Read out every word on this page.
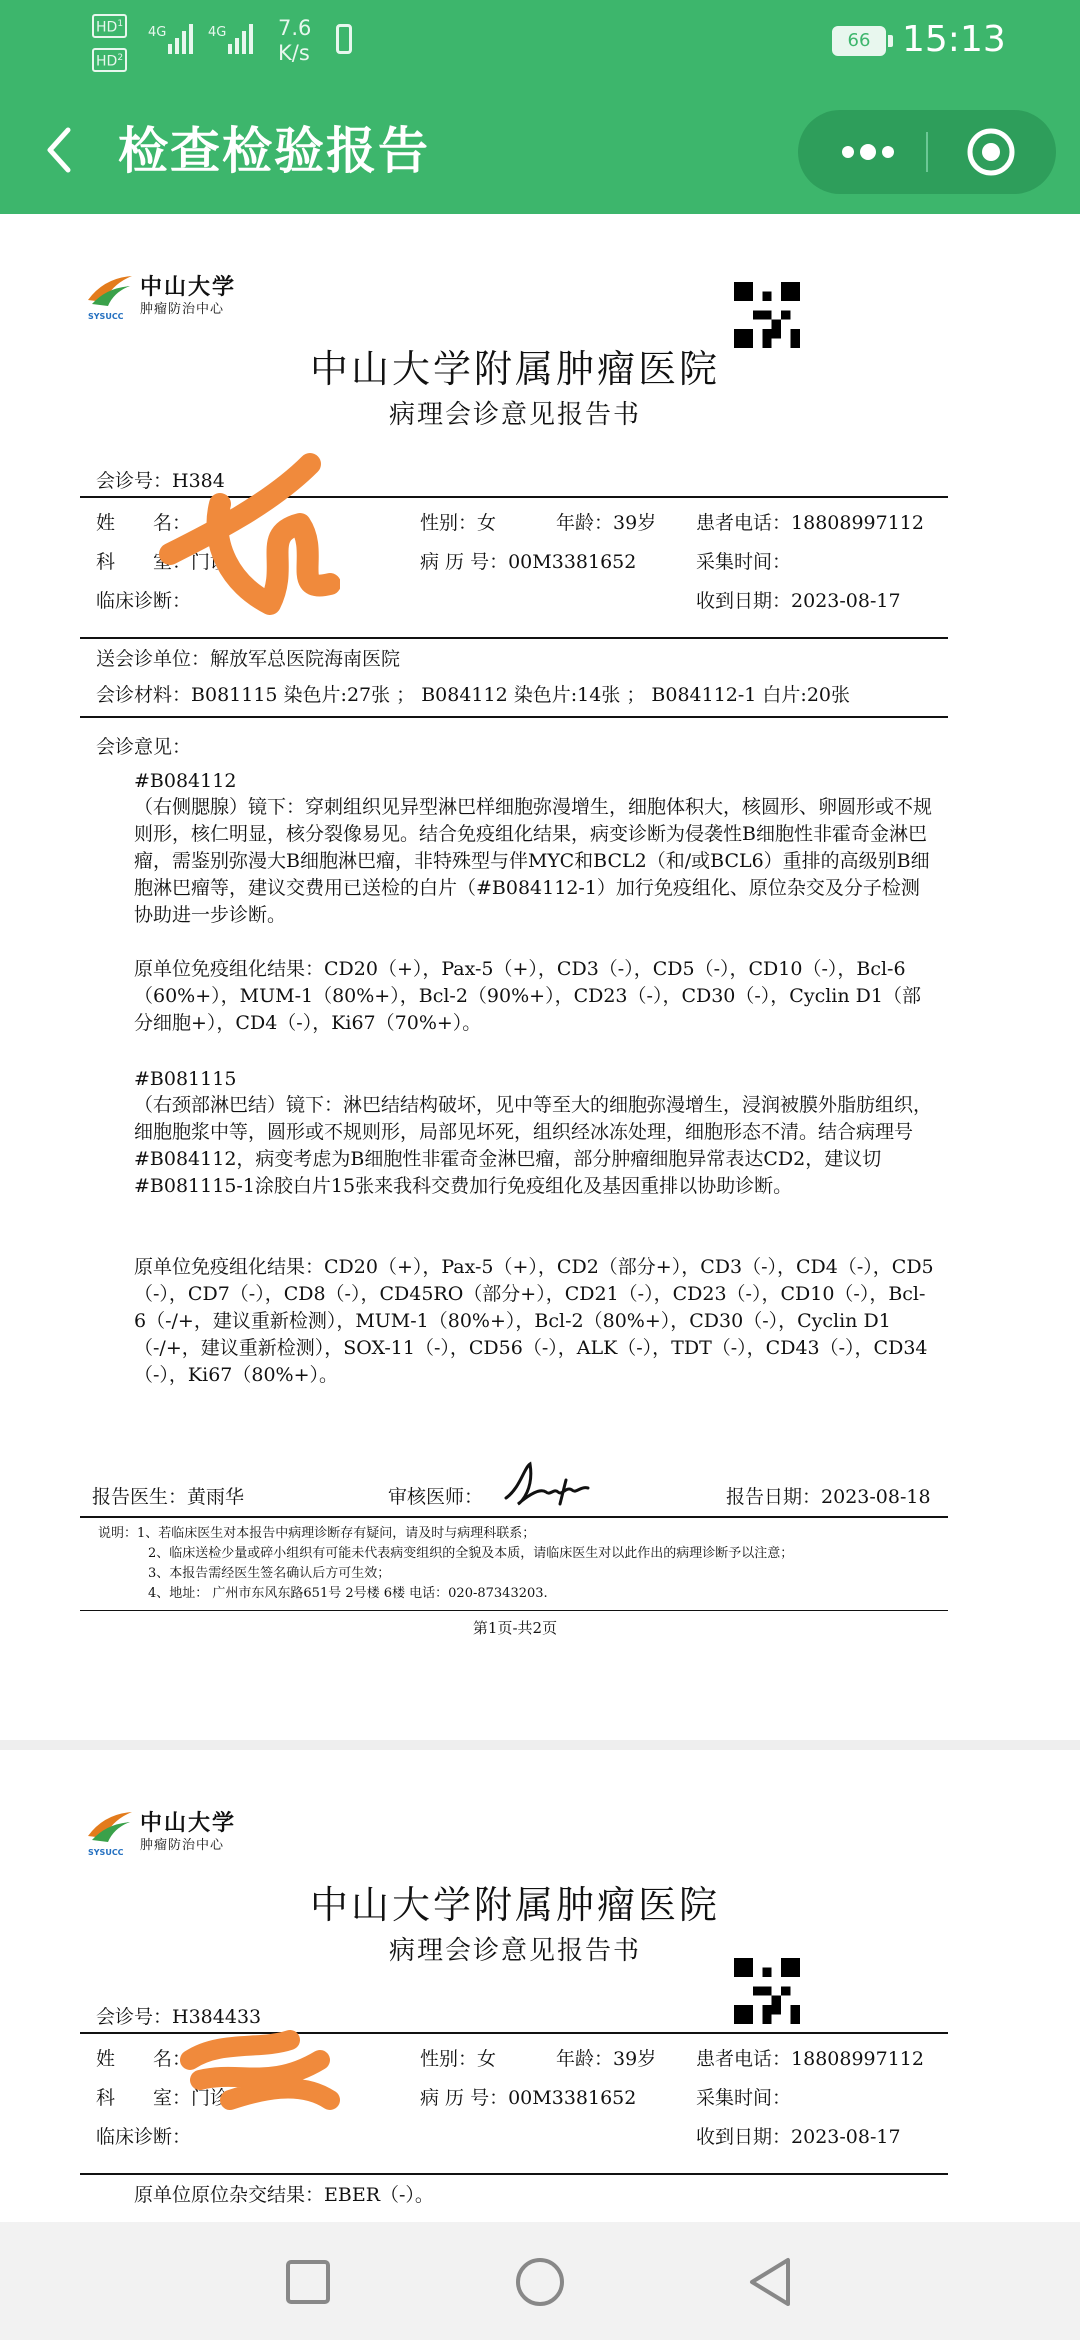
$HD^1$
$HD^2$
4G	4G 7.6
K/s
66 15:13
检查检验报告
中山大学
肿瘤防治中心
SYSUCC
中山大学附属肿瘤医院
病理会诊意见报告书
会诊号：H384
姓　　名：	性别：女	年龄：39岁 患者电话：18808997112
科　　室：门诊	病 历 号：00M3381652	采集时间：
临床诊断：	收到日期：2023-08-17
送会诊单位：解放军总医院海南医院
会诊材料：B081115 染色片:27张 ； B084112 染色片:14张 ； B084112-1 白片:20张
会诊意见：
#B084112
（右侧腮腺）镜下：穿刺组织见异型淋巴样细胞弥漫增生，细胞体积大，核圆形、卵圆形或不规则形，核仁明显，核分裂像易见。结合免疫组化结果，病变诊断为侵袭性B细胞性非霍奇金淋巴瘤，需鉴别弥漫大B细胞淋巴瘤，非特殊型与伴MYC和BCL2（和/或BCL6）重排的高级别B细胞淋巴瘤等，建议交费用已送检的白片（#B084112-1）加行免疫组化、原位杂交及分子检测协助进一步诊断。
原单位免疫组化结果：CD20（+），Pax-5（+），CD3（-），CD5（-），CD10（-），Bcl-6（60%+），MUM-1（80%+），Bcl-2（90%+），CD23（-），CD30（-），Cyclin D1（部分细胞+），CD4（-），Ki67（70%+）。
#B081115
（右颈部淋巴结）镜下：淋巴结结构破坏，见中等至大的细胞弥漫增生，浸润被膜外脂肪组织，细胞胞浆中等，圆形或不规则形，局部见坏死，组织经冰冻处理，细胞形态不清。结合病理号#B084112，病变考虑为B细胞性非霍奇金淋巴瘤，部分肿瘤细胞异常表达CD2，建议切#B081115-1涂胶白片15张来我科交费加行免疫组化及基因重排以协助诊断。
原单位免疫组化结果：CD20（+），Pax-5（+），CD2（部分+），CD3（-），CD4（-），CD5（-），CD7（-），CD8（-），CD45RO（部分+），CD21（-），CD23（-），CD10（-），Bcl-6（-/+，建议重新检测），MUM-1（80%+），Bcl-2（80%+），CD30（-），Cyclin D1（-/+，建议重新检测），SOX-11（-），CD56（-），ALK（-），TDT（-），CD43（-），CD34（-），Ki67（80%+）。
报告医生：黄雨华	审核医师：	报告日期：2023-08-18
说明：1、若临床医生对本报告中病理诊断存有疑问，请及时与病理科联系；
2、临床送检少量或碎小组织有可能未代表病变组织的全貌及本质，请临床医生对以此作出的病理诊断予以注意；
3、本报告需经医生签名确认后方可生效；
4、地址： 广州市东风东路651号 2号楼 6楼 电话：020-87343203.
第1页-共2页
中山大学
肿瘤防治中心
SYSUCC
中山大学附属肿瘤医院
病理会诊意见报告书
会诊号：H384433
姓　　名：	性别：女	年龄：39岁 患者电话：18808997112
科　　室：门诊	病 历 号：00M3381652	采集时间：
临床诊断：	收到日期：2023-08-17
原单位原位杂交结果：EBER（-）。
